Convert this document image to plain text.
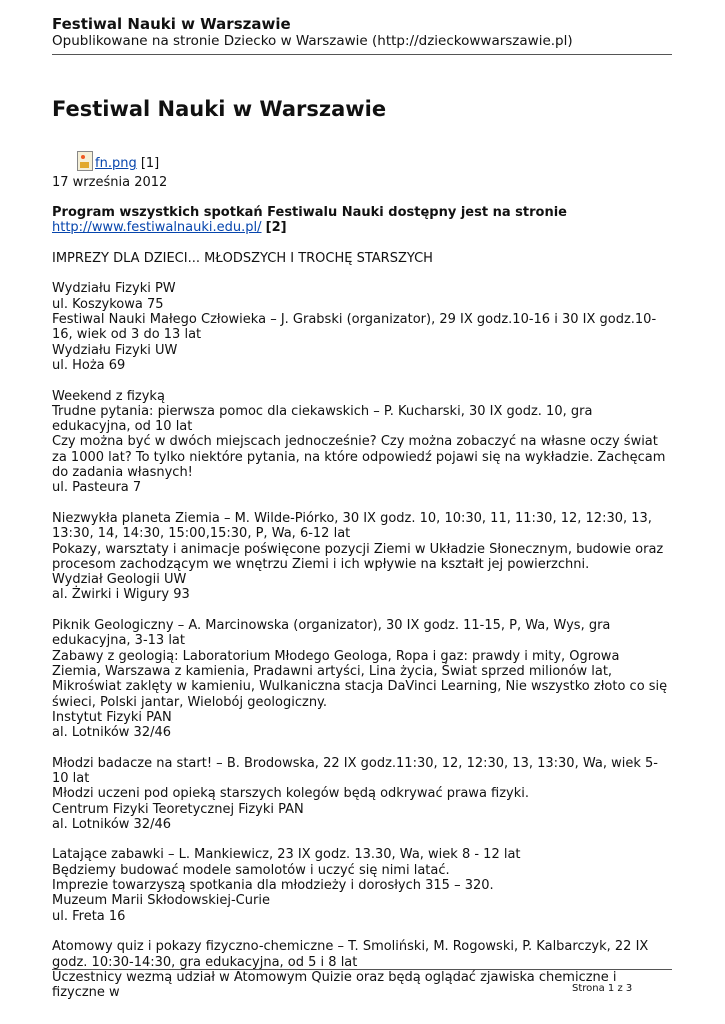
Festiwal Nauki w Warszawie
Opublikowane na stronie Dziecko w Warszawie (http://dzieckowwarszawie.pl)
Festiwal Nauki w Warszawie
fn.png
[1]
17 września 2012

Program wszystkich spotkań Festiwalu Nauki dostępny jest na stronie
http://www.festiwalnauki.edu.pl/ [2]

IMPREZY DLA DZIECI... MŁODSZYCH I TROCHĘ STARSZYCH

Wydziału Fizyki PW
ul. Koszykowa 75
Festiwal Nauki Małego Człowieka – J. Grabski (organizator), 29 IX godz.10-16 i 30 IX godz.10-16, wiek od 3 do 13 lat
Wydziału Fizyki UW
ul. Hoża 69

Weekend z fizyką
Trudne pytania: pierwsza pomoc dla ciekawskich – P. Kucharski, 30 IX godz. 10, gra edukacyjna, od 10 lat
Czy można być w dwóch miejscach jednocześnie? Czy można zobaczyć na własne oczy świat za 1000 lat? To tylko niektóre pytania, na które odpowiedź pojawi się na wykładzie. Zachęcam do zadania własnych!
ul. Pasteura 7

Niezwykła planeta Ziemia – M. Wilde-Piórko, 30 IX godz. 10, 10:30, 11, 11:30, 12, 12:30, 13, 13:30, 14, 14:30, 15:00,15:30, P, Wa, 6-12 lat
Pokazy, warsztaty i animacje poświęcone pozycji Ziemi w Układzie Słonecznym, budowie oraz procesom zachodzącym we wnętrzu Ziemi i ich wpływie na kształt jej powierzchni.
Wydział Geologii UW
al. Żwirki i Wigury 93

Piknik Geologiczny – A. Marcinowska (organizator), 30 IX godz. 11-15, P, Wa, Wys, gra edukacyjna, 3-13 lat
Zabawy z geologią: Laboratorium Młodego Geologa, Ropa i gaz: prawdy i mity, Ogrowa Ziemia, Warszawa z kamienia, Pradawni artyści, Lina życia, Świat sprzed milionów lat, Mikroświat zaklęty w kamieniu, Wulkaniczna stacja DaVinci Learning, Nie wszystko złoto co się świeci, Polski jantar, Wielobój geologiczny.
Instytut Fizyki PAN
al. Lotników 32/46

Młodzi badacze na start! – B. Brodowska, 22 IX godz.11:30, 12, 12:30, 13, 13:30, Wa, wiek 5-10 lat
Młodzi uczeni pod opieką starszych kolegów będą odkrywać prawa fizyki.
Centrum Fizyki Teoretycznej Fizyki PAN
al. Lotników 32/46

Latające zabawki – L. Mankiewicz, 23 IX godz. 13.30, Wa, wiek 8 - 12 lat
Będziemy budować modele samolotów i uczyć się nimi latać.
Imprezie towarzyszą spotkania dla młodzieży i dorosłych 315 – 320.
Muzeum Marii Skłodowskiej-Curie
ul. Freta 16

Atomowy quiz i pokazy fizyczno-chemiczne – T. Smoliński, M. Rogowski, P. Kalbarczyk, 22 IX godz. 10:30-14:30, gra edukacyjna, od 5 i 8 lat
Uczestnicy wezmą udział w Atomowym Quizie oraz będą oglądać zjawiska chemiczne i fizyczne w	Strona 1 z 3
